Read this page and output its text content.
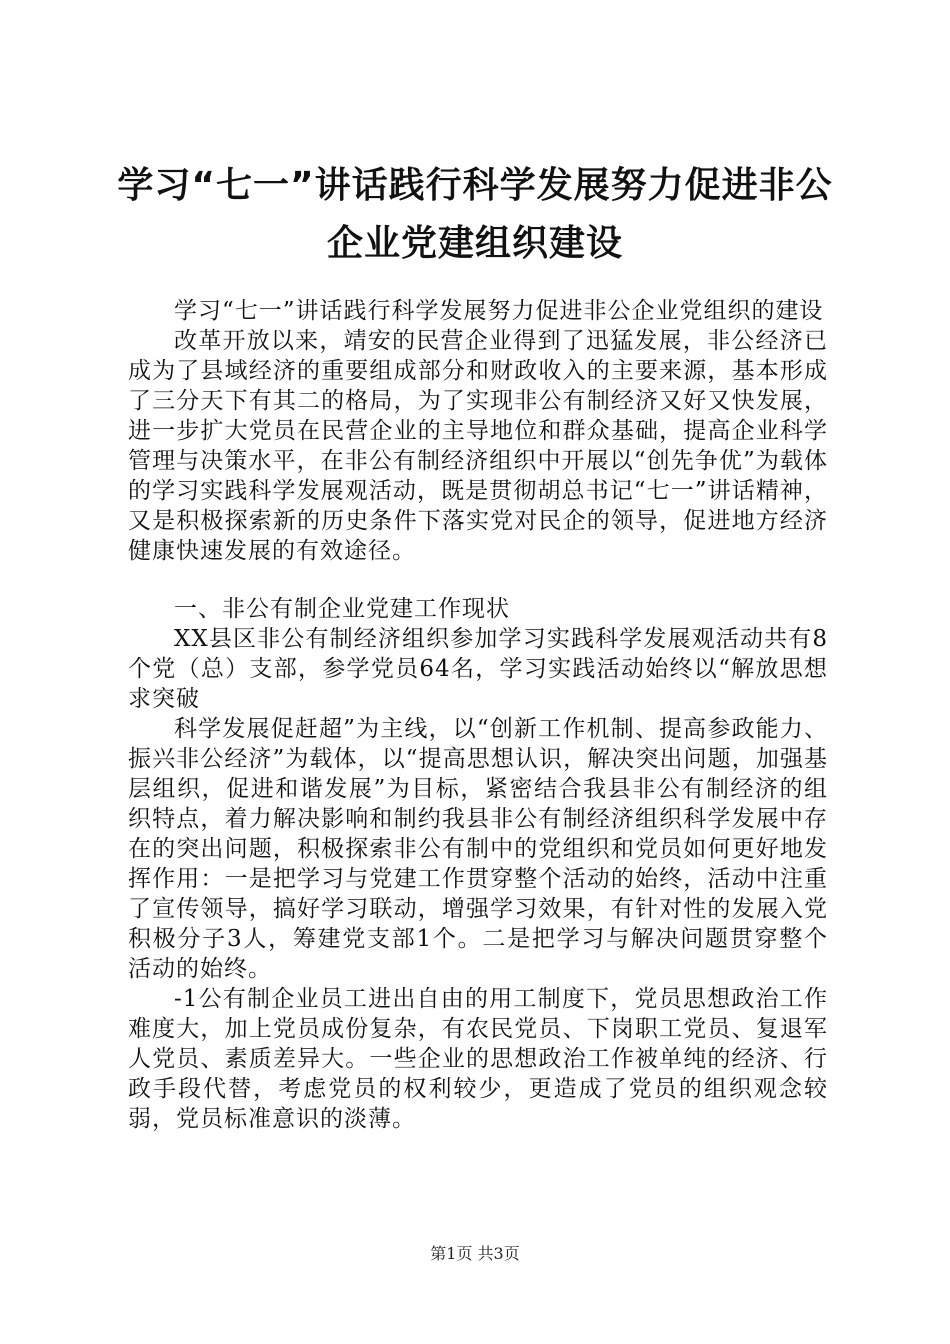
学习“七一”讲话践行科学发展努力促进非公
企业党建组织建设

学习“七一”讲话践行科学发展努力促进非公企业党组织的建设

改革开放以来，靖安的民营企业得到了迅猛发展，非公经济已成为了县域经济的重要组成部分和财政收入的主要来源，基本形成了三分天下有其二的格局，为了实现非公有制经济又好又快发展，进一步扩大党员在民营企业的主导地位和群众基础，提高企业科学管理与决策水平，在非公有制经济组织中开展以“创先争优”为载体的学习实践科学发展观活动，既是贯彻胡总书记“七一”讲话精神，又是积极探索新的历史条件下落实党对民企的领导，促进地方经济健康快速发展的有效途径。

一、非公有制企业党建工作现状

XX县区非公有制经济组织参加学习实践科学发展观活动共有8个党（总）支部，参学党员64名，学习实践活动始终以“解放思想求突破

科学发展促赶超”为主线，以“创新工作机制、提高参政能力、振兴非公经济”为载体，以“提高思想认识，解决突出问题，加强基层组织，促进和谐发展”为目标，紧密结合我县非公有制经济的组织特点，着力解决影响和制约我县非公有制经济组织科学发展中存在的突出问题，积极探索非公有制中的党组织和党员如何更好地发挥作用：一是把学习与党建工作贯穿整个活动的始终，活动中注重了宣传领导，搞好学习联动，增强学习效果，有针对性的发展入党积极分子3人，筹建党支部1个。二是把学习与解决问题贯穿整个活动的始终。

-1公有制企业员工进出自由的用工制度下，党员思想政治工作难度大，加上党员成份复杂，有农民党员、下岗职工党员、复退军人党员、素质差异大。一些企业的思想政治工作被单纯的经济、行政手段代替，考虑党员的权利较少，更造成了党员的组织观念较弱，党员标准意识的淡薄。

第1页 共3页
